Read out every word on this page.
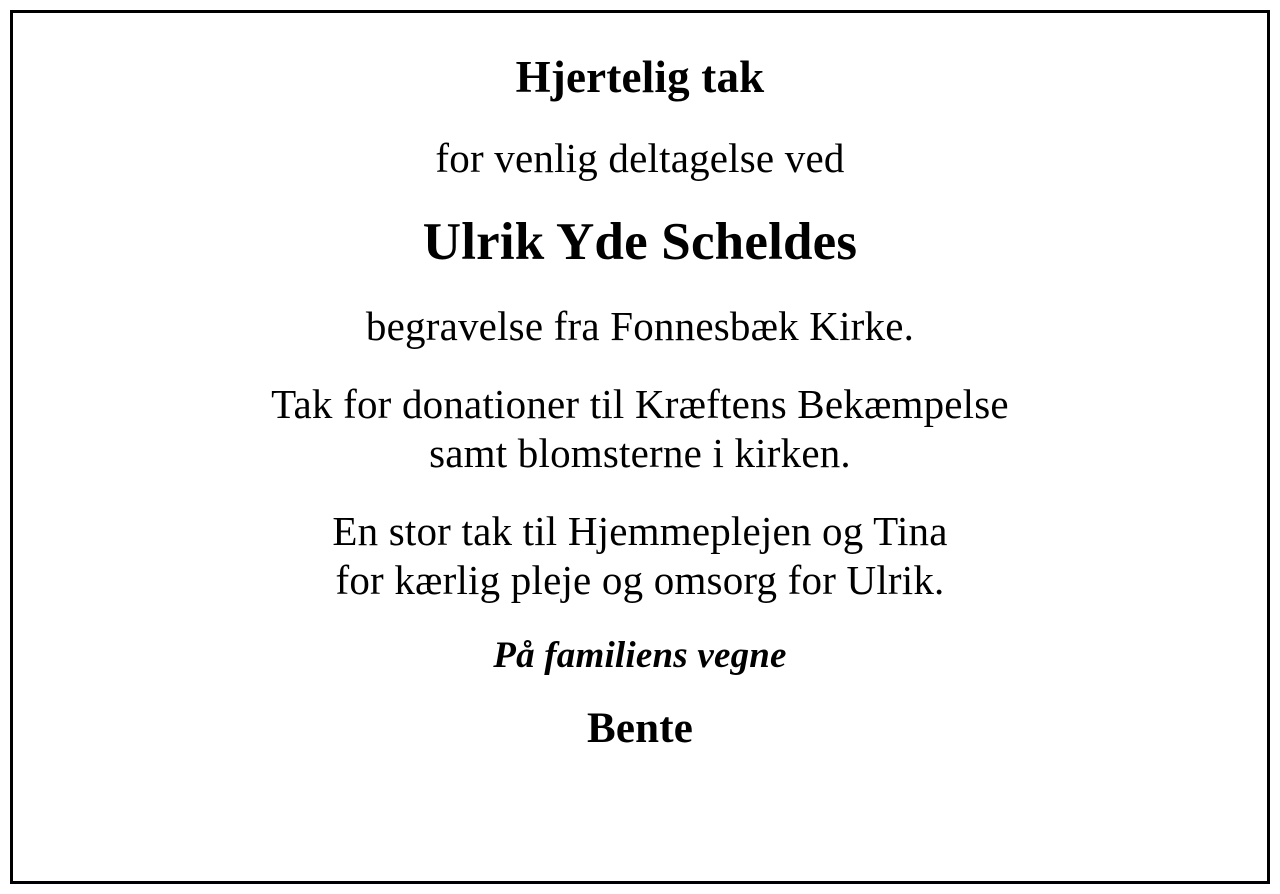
Hjertelig tak
for venlig deltagelse ved
Ulrik Yde Scheldes
begravelse fra Fonnesbæk Kirke.
Tak for donationer til Kræftens Bekæmpelse
samt blomsterne i kirken.
En stor tak til Hjemmeplejen og Tina
for kærlig pleje og omsorg for Ulrik.
På familiens vegne
Bente
